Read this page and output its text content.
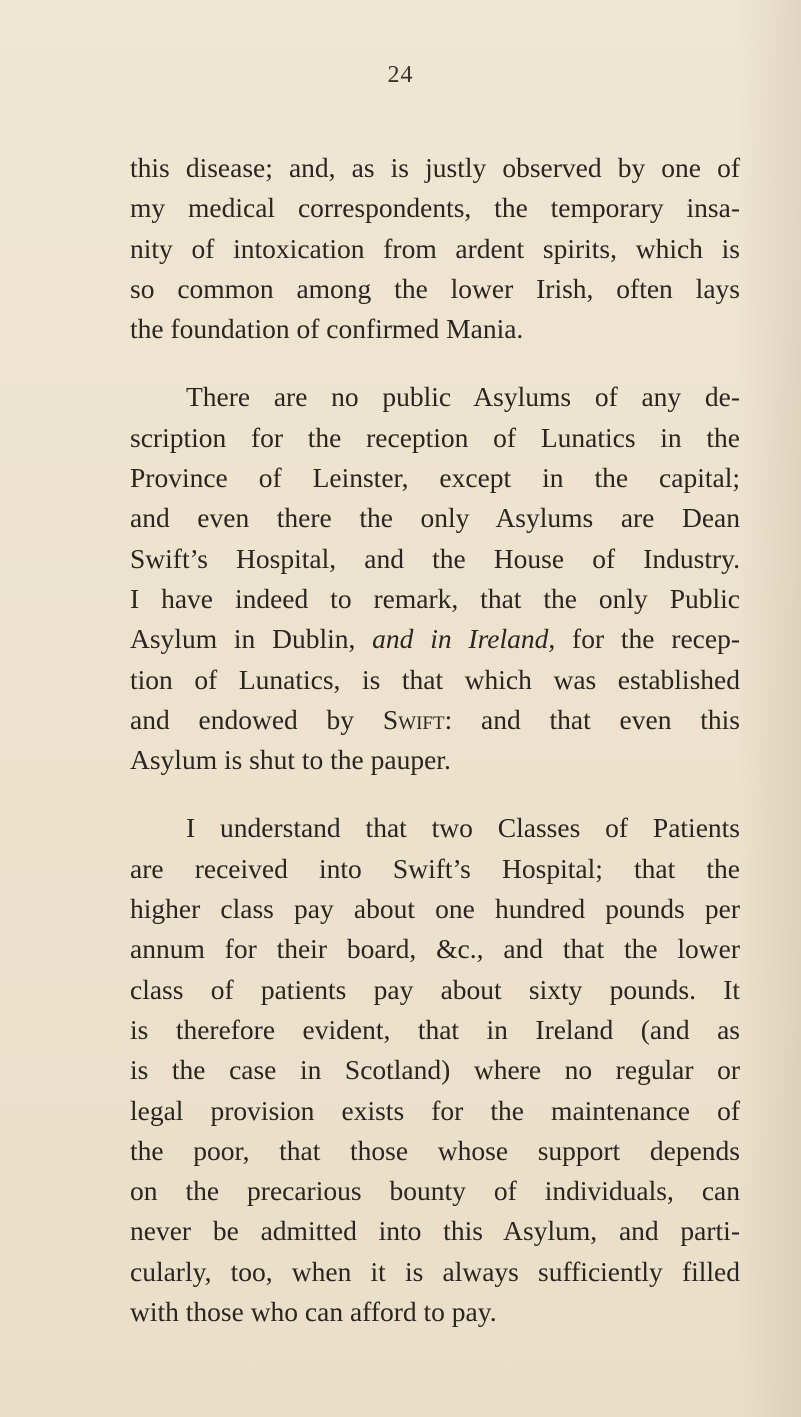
24

this disease; and, as is justly observed by one of
my medical correspondents, the temporary insa-
nity of intoxication from ardent spirits, which is
so common among the lower Irish, often lays
the foundation of confirmed Mania.

There are no public Asylums of any de-
scription for the reception of Lunatics in the
Province of Leinster, except in the capital;
and even there the only Asylums are Dean
Swift’s Hospital, and the House of Industry.
I have indeed to remark, that the only Public
Asylum in Dublin, and in Ireland, for the recep-
tion of Lunatics, is that which was established
and endowed by Swift: and that even this
Asylum is shut to the pauper.

I understand that two Classes of Patients
are received into Swift’s Hospital; that the
higher class pay about one hundred pounds per
annum for their board, &c., and that the lower
class of patients pay about sixty pounds. It
is therefore evident, that in Ireland (and as
is the case in Scotland) where no regular or
legal provision exists for the maintenance of
the poor, that those whose support depends
on the precarious bounty of individuals, can
never be admitted into this Asylum, and parti-
cularly, too, when it is always sufficiently filled
with those who can afford to pay.
